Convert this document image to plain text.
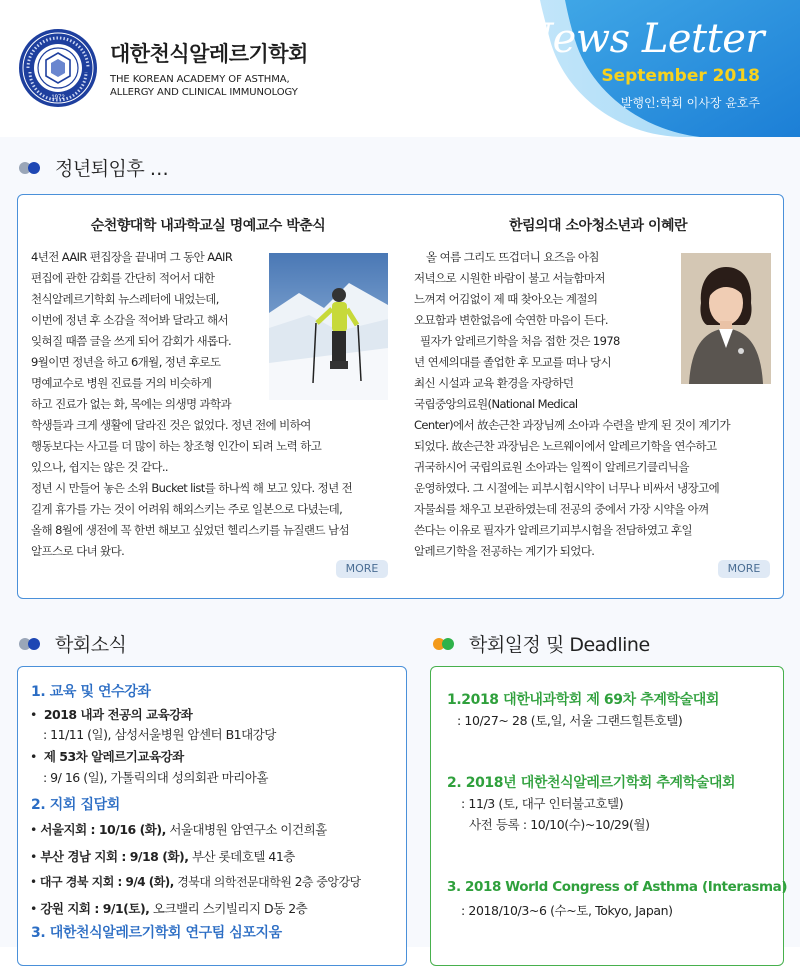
1972
대한천식알레르기학회
THE KOREAN ACADEMY OF ASTHMA,
ALLERGY AND CLINICAL IMMUNOLOGY
News Letter
September 2018
발행인:학회 이사장 윤호주
정년퇴임후 …
순천향대학 내과학교실 명예교수 박춘식

4년전 AAIR 편집장을 끝내며 그 동안 AAIR

편집에 관한 감회를 간단히 적어서 대한

천식알레르기학회 뉴스레터에 내었는데,

이번에 정년 후 소감을 적어봐 달라고 해서

잊혀질 때쯤 글을 쓰게 되어 감회가 새롭다.

9월이면 정년을 하고 6개월, 정년 후로도

명예교수로 병원 진료를 거의 비슷하게

하고 진료가 없는 화, 목에는 의생명 과학과

학생들과 크게 생활에 달라진 것은 없었다. 정년 전에 비하여

행동보다는 사고를 더 많이 하는 창조형 인간이 되려 노력 하고

있으나, 쉽지는 않은 것 같다..

정년 시 만들어 놓은 소위 Bucket list를 하나씩 해 보고 있다. 정년 전

길게 휴가를 가는 것이 어려워 해외스키는 주로 일본으로 다녔는데,

올해 8월에 생전에 꼭 한번 해보고 싶었던 헬리스키를 뉴질랜드 남섬

알프스로 다녀 왔다.

MORE
한림의대 소아청소년과 이혜란

올 여름 그리도 뜨겁더니 요즈음 아침

저녁으로 시원한 바람이 불고 서늘함마저

느껴져 어김없이 제 때 찾아오는 계절의

오묘함과 변한없음에 숙연한 마음이 든다.

필자가 알레르기학을 처음 접한 것은 1978

년 연세의대를 졸업한 후 모교를 떠나 당시

최신 시설과 교육 환경을 자랑하던

국립중앙의료원(National Medical

Center)에서 故손근찬 과장님께 소아과 수련을 받게 된 것이 계기가

되었다. 故손근찬 과장님은 노르웨이에서 알레르기학을 연수하고

귀국하시어 국립의료원 소아과는 일찍이 알레르기클리닉을

운영하였다. 그 시절에는 피부시험시약이 너무나 비싸서 냉장고에

자물쇠를 채우고 보관하였는데 전공의 중에서 가장 시약을 아껴

쓴다는 이유로 필자가 알레르기피부시험을 전담하였고 후일

알레르기학을 전공하는 계기가 되었다.

MORE
학회소식
1. 교육 및 연수강좌
•  2018 내과 전공의 교육강좌
: 11/11 (일), 삼성서울병원 암센터 B1대강당
•  제 53차 알레르기교육강좌
: 9/ 16 (일), 가톨릭의대 성의회관 마리아홀
2. 지회 집담회
• 서울지회 : 10/16 (화), 서울대병원 암연구소 이건희홀
• 부산 경남 지회 : 9/18 (화), 부산 롯데호텔 41층
• 대구 경북 지회 : 9/4 (화), 경북대 의학전문대학원 2층 중앙강당
• 강원 지회 : 9/1(토), 오크밸리 스키빌리지 D동 2층
3. 대한천식알레르기학회 연구팀 심포지움
학회일정 및 Deadline
1.2018 대한내과학회 제 69차 추계학술대회
: 10/27~ 28 (토,일, 서울 그랜드힐튼호텔)
2. 2018년 대한천식알레르기학회 추계학술대회
: 11/3 (토, 대구 인터불고호텔)
사전 등록 : 10/10(수)~10/29(월)
3. 2018 World Congress of Asthma (Interasma)
: 2018/10/3~6 (수~토, Tokyo, Japan)
